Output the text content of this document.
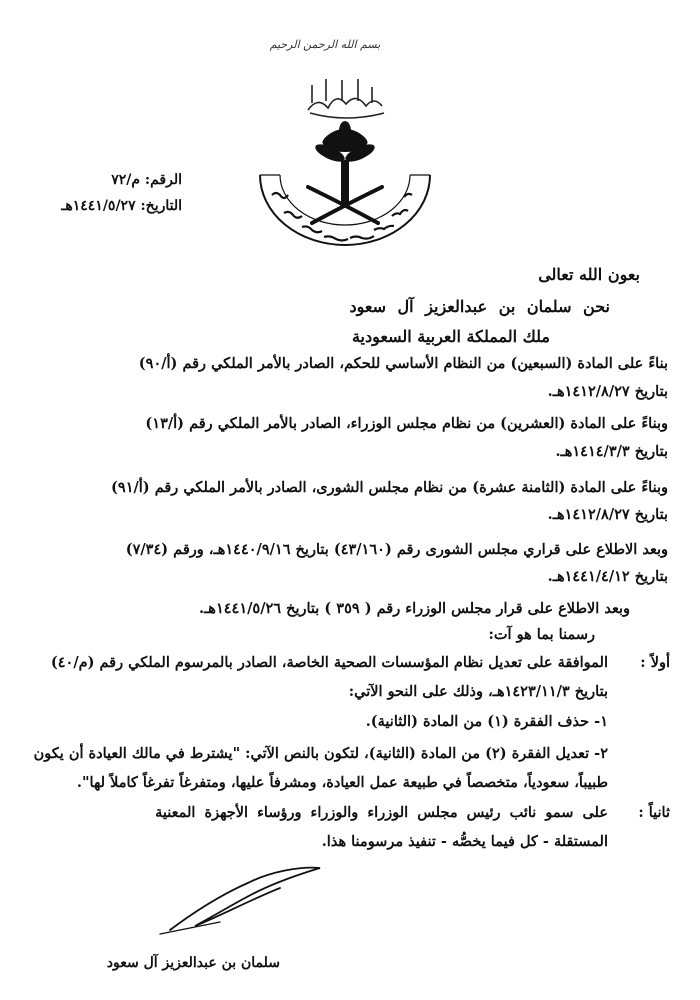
بسم الله الرحمن الرحيم
الرقم: م/٧٢
التاريخ: ١٤٤١/٥/٢٧هـ
بعون الله تعالى
نحن سلمان بن عبدالعزيز آل سعود
ملك المملكة العربية السعودية
بناءً على المادة (السبعين) من النظام الأساسي للحكم، الصادر بالأمر الملكي رقم (أ/٩٠)
بتاريخ ١٤١٢/٨/٢٧هـ.
وبناءً على المادة (العشرين) من نظام مجلس الوزراء، الصادر بالأمر الملكي رقم (أ/١٣)
بتاريخ ١٤١٤/٣/٣هـ.
وبناءً على المادة (الثامنة عشرة) من نظام مجلس الشورى، الصادر بالأمر الملكي رقم (أ/٩١)
بتاريخ ١٤١٢/٨/٢٧هـ.
وبعد الاطلاع على قراري مجلس الشورى رقم (٤٣/١٦٠) بتاريخ ١٤٤٠/٩/١٦هـ، ورقم (٧/٣٤)
بتاريخ ١٤٤١/٤/١٢هـ.
وبعد الاطلاع على قرار مجلس الوزراء رقم ( ٣٥٩ ) بتاريخ ١٤٤١/٥/٢٦هـ.
رسمنا بما هو آت:
أولاً :
الموافقة على تعديل نظام المؤسسات الصحية الخاصة، الصادر بالمرسوم الملكي رقم (م/٤٠)
بتاريخ ١٤٢٣/١١/٣هـ، وذلك على النحو الآتي:
١- حذف الفقرة (١) من المادة (الثانية).
٢- تعديل الفقرة (٢) من المادة (الثانية)، لتكون بالنص الآتي: "يشترط في مالك العيادة أن يكون
طبيباً، سعودياً، متخصصاً في طبيعة عمل العيادة، ومشرفاً عليها، ومتفرغاً تفرغاً كاملاً لها".
ثانياً :
على سمو نائب رئيس مجلس الوزراء والوزراء ورؤساء الأجهزة المعنية
المستقلة - كل فيما يخصُّه - تنفيذ مرسومنا هذا.
سلمان بن عبدالعزيز آل سعود
